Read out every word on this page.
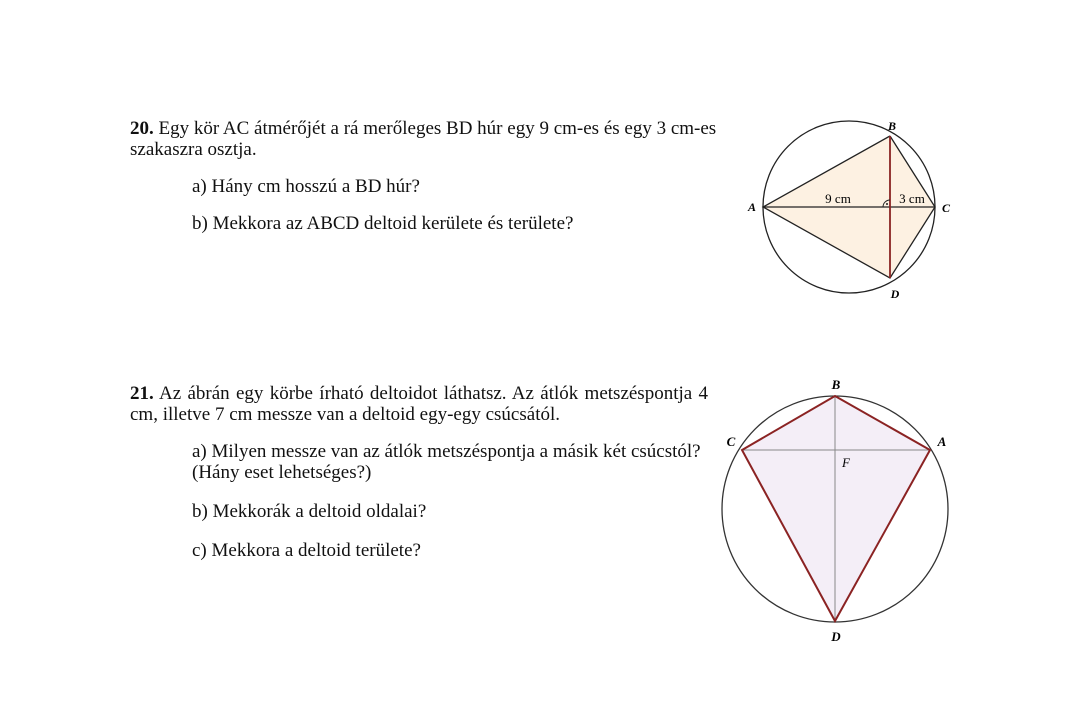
20. Egy kör AC átmérőjét a rá merőleges BD húr egy 9 cm-es és egy 3 cm-es szakaszra osztja.

a) Hány cm hosszú a BD húr?
b) Mekkora az ABCD deltoid kerülete és területe?

21. Az ábrán egy körbe írható deltoidot láthatsz. Az átlók metszéspontja 4 cm, illetve 7 cm messze van a deltoid egy-egy csúcsától.

a) Milyen messze van az átlók metszéspontja a másik két csúcstól? (Hány eset lehetséges?)
b) Mekkorák a deltoid oldalai?
c) Mekkora a deltoid területe?
B
A	C
D
9 cm	3 cm
B
C	A
F
D
